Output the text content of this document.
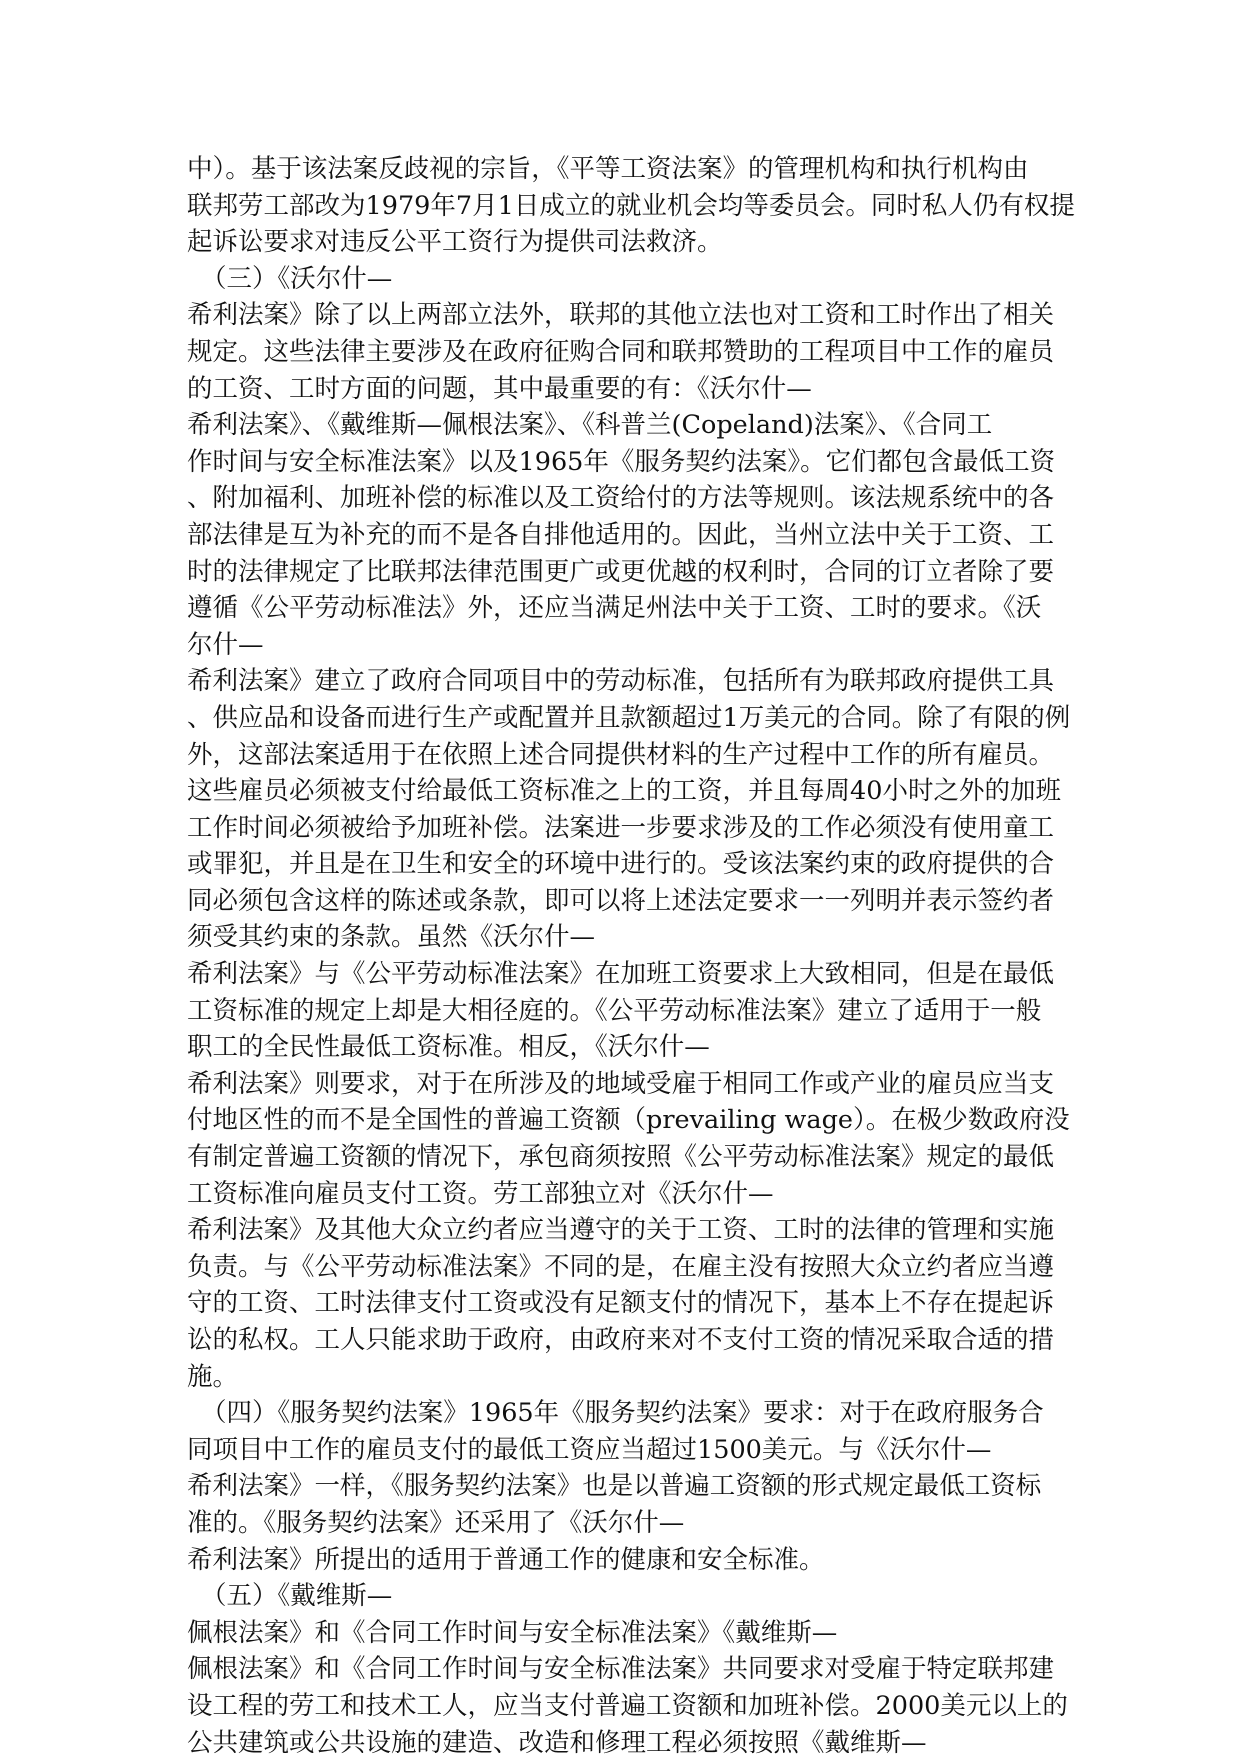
中）。基于该法案反歧视的宗旨，《平等工资法案》的管理机构和执行机构由
联邦劳工部改为1979年7月1日成立的就业机会均等委员会。同时私人仍有权提
起诉讼要求对违反公平工资行为提供司法救济。
（三）《沃尔什—
希利法案》除了以上两部立法外，联邦的其他立法也对工资和工时作出了相关
规定。这些法律主要涉及在政府征购合同和联邦赞助的工程项目中工作的雇员
的工资、工时方面的问题，其中最重要的有：《沃尔什—
希利法案》、《戴维斯—佩根法案》、《科普兰(Copeland)法案》、《合同工
作时间与安全标准法案》以及1965年《服务契约法案》。它们都包含最低工资
、附加福利、加班补偿的标准以及工资给付的方法等规则。该法规系统中的各
部法律是互为补充的而不是各自排他适用的。因此，当州立法中关于工资、工
时的法律规定了比联邦法律范围更广或更优越的权利时，合同的订立者除了要
遵循《公平劳动标准法》外，还应当满足州法中关于工资、工时的要求。《沃
尔什—
希利法案》建立了政府合同项目中的劳动标准，包括所有为联邦政府提供工具
、供应品和设备而进行生产或配置并且款额超过1万美元的合同。除了有限的例
外，这部法案适用于在依照上述合同提供材料的生产过程中工作的所有雇员。
这些雇员必须被支付给最低工资标准之上的工资，并且每周40小时之外的加班
工作时间必须被给予加班补偿。法案进一步要求涉及的工作必须没有使用童工
或罪犯，并且是在卫生和安全的环境中进行的。受该法案约束的政府提供的合
同必须包含这样的陈述或条款，即可以将上述法定要求一一列明并表示签约者
须受其约束的条款。虽然《沃尔什—
希利法案》与《公平劳动标准法案》在加班工资要求上大致相同，但是在最低
工资标准的规定上却是大相径庭的。《公平劳动标准法案》建立了适用于一般
职工的全民性最低工资标准。相反，《沃尔什—
希利法案》则要求，对于在所涉及的地域受雇于相同工作或产业的雇员应当支
付地区性的而不是全国性的普遍工资额（prevailing wage）。在极少数政府没
有制定普遍工资额的情况下，承包商须按照《公平劳动标准法案》规定的最低
工资标准向雇员支付工资。劳工部独立对《沃尔什—
希利法案》及其他大众立约者应当遵守的关于工资、工时的法律的管理和实施
负责。与《公平劳动标准法案》不同的是，在雇主没有按照大众立约者应当遵
守的工资、工时法律支付工资或没有足额支付的情况下，基本上不存在提起诉
讼的私权。工人只能求助于政府，由政府来对不支付工资的情况采取合适的措
施。
（四）《服务契约法案》1965年《服务契约法案》要求：对于在政府服务合
同项目中工作的雇员支付的最低工资应当超过1500美元。与《沃尔什—
希利法案》一样，《服务契约法案》也是以普遍工资额的形式规定最低工资标
准的。《服务契约法案》还采用了《沃尔什—
希利法案》所提出的适用于普通工作的健康和安全标准。
（五）《戴维斯—
佩根法案》和《合同工作时间与安全标准法案》《戴维斯—
佩根法案》和《合同工作时间与安全标准法案》共同要求对受雇于特定联邦建
设工程的劳工和技术工人，应当支付普遍工资额和加班补偿。2000美元以上的
公共建筑或公共设施的建造、改造和修理工程必须按照《戴维斯—
